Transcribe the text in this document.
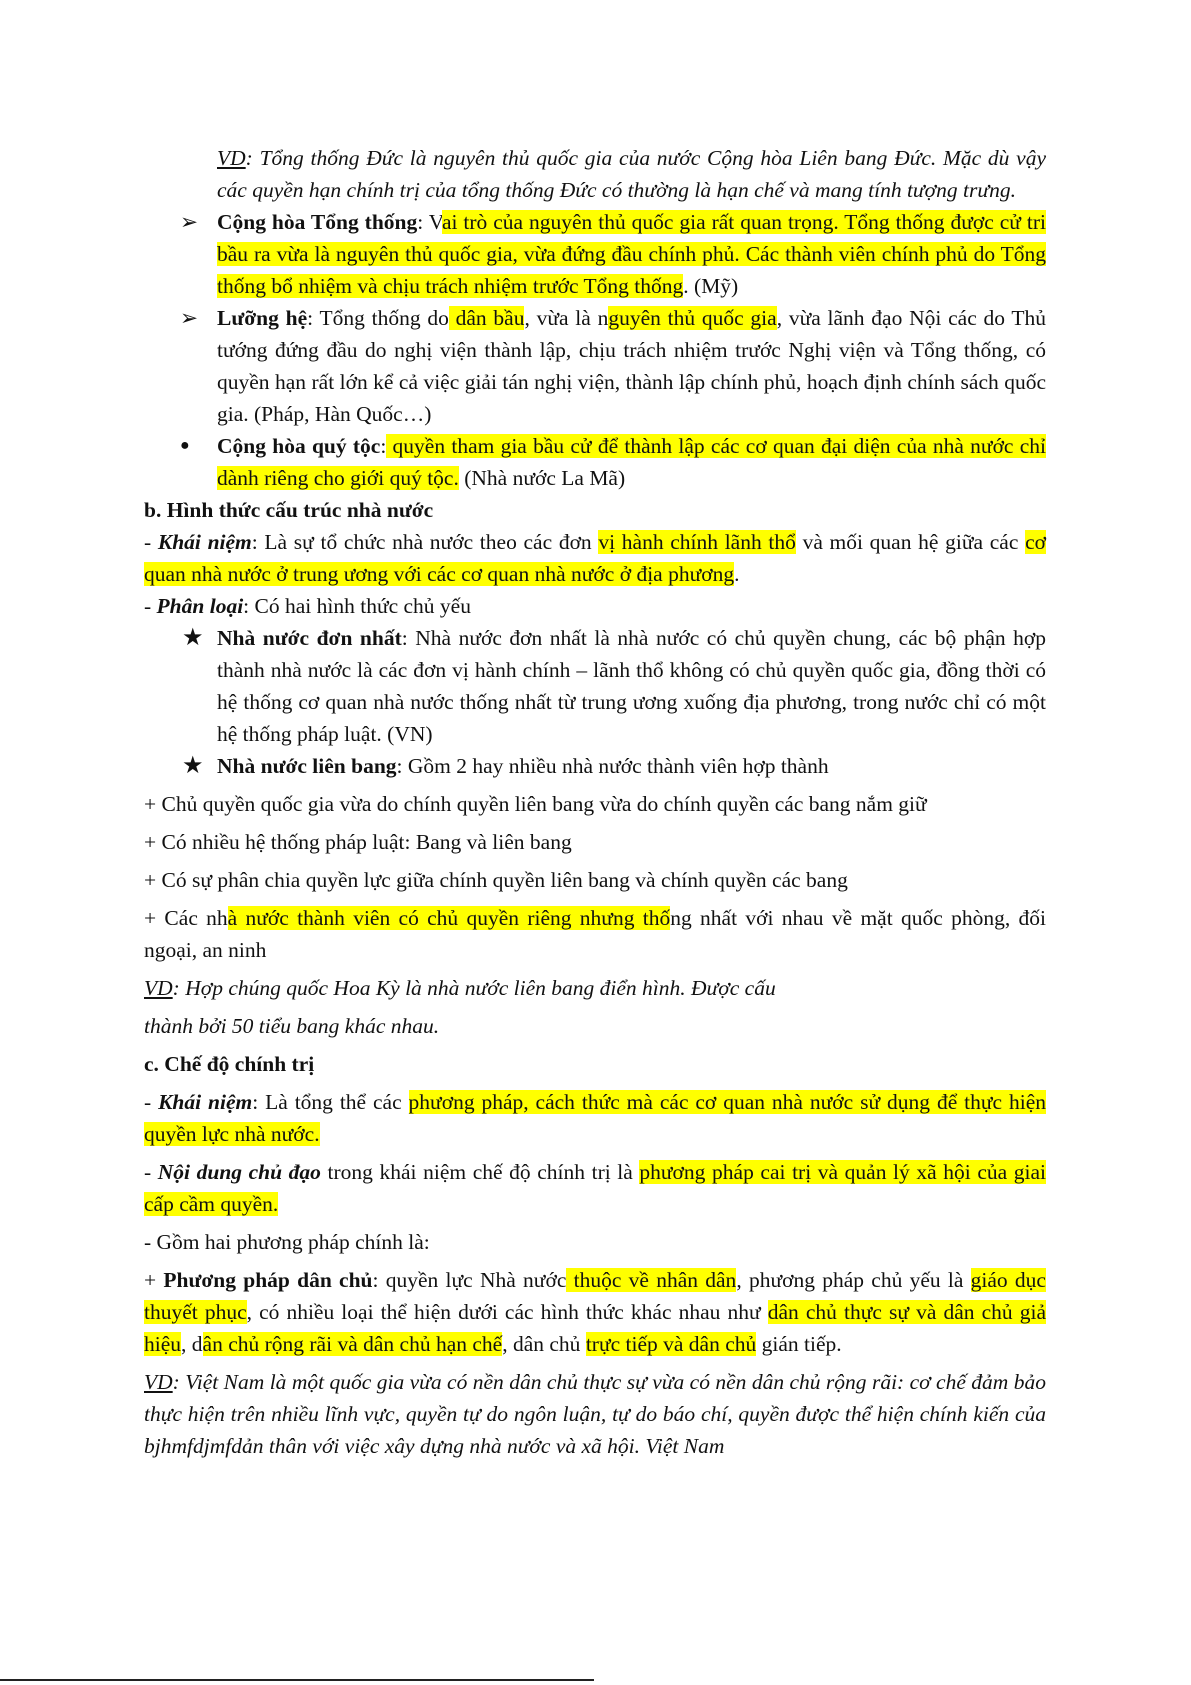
VD: Tổng thống Đức là nguyên thủ quốc gia của nước Cộng hòa Liên bang Đức. Mặc dù vậy các quyền hạn chính trị của tổng thống Đức có thường là hạn chế và mang tính tượng trưng.

➢ Cộng hòa Tổng thống: Vai trò của nguyên thủ quốc gia rất quan trọng. Tổng thống được cử tri bầu ra vừa là nguyên thủ quốc gia, vừa đứng đầu chính phủ. Các thành viên chính phủ do Tổng thống bổ nhiệm và chịu trách nhiệm trước Tổng thống. (Mỹ)

➢ Lưỡng hệ: Tổng thống do dân bầu, vừa là nguyên thủ quốc gia, vừa lãnh đạo Nội các do Thủ tướng đứng đầu do nghị viện thành lập, chịu trách nhiệm trước Nghị viện và Tổng thống, có quyền hạn rất lớn kể cả việc giải tán nghị viện, thành lập chính phủ, hoạch định chính sách quốc gia. (Pháp, Hàn Quốc…)

●	Cộng hòa quý tộc: quyền tham gia bầu cử để thành lập các cơ quan đại diện của nhà nước chỉ dành riêng cho giới quý tộc. (Nhà nước La Mã)

b. Hình thức cấu trúc nhà nước

- Khái niệm: Là sự tổ chức nhà nước theo các đơn vị hành chính lãnh thổ và mối quan hệ giữa các cơ quan nhà nước ở trung ương với các cơ quan nhà nước ở địa phương.

- Phân loại: Có hai hình thức chủ yếu

★ Nhà nước đơn nhất: Nhà nước đơn nhất là nhà nước có chủ quyền chung, các bộ phận hợp thành nhà nước là các đơn vị hành chính – lãnh thổ không có chủ quyền quốc gia, đồng thời có hệ thống cơ quan nhà nước thống nhất từ trung ương xuống địa phương, trong nước chỉ có một hệ thống pháp luật. (VN)

★ Nhà nước liên bang: Gồm 2 hay nhiều nhà nước thành viên hợp thành

+ Chủ quyền quốc gia vừa do chính quyền liên bang vừa do chính quyền các bang nắm giữ

+ Có nhiều hệ thống pháp luật: Bang và liên bang

+ Có sự phân chia quyền lực giữa chính quyền liên bang và chính quyền các bang

+ Các nhà nước thành viên có chủ quyền riêng nhưng thống nhất với nhau về mặt quốc phòng, đối ngoại, an ninh

VD: Hợp chúng quốc Hoa Kỳ là nhà nước liên bang điển hình. Được cấu

thành bởi 50 tiểu bang khác nhau.

c. Chế độ chính trị

- Khái niệm: Là tổng thể các phương pháp, cách thức mà các cơ quan nhà nước sử dụng để thực hiện quyền lực nhà nước.

- Nội dung chủ đạo trong khái niệm chế độ chính trị là phương pháp cai trị và quản lý xã hội của giai cấp cầm quyền.

- Gồm hai phương pháp chính là:

+ Phương pháp dân chủ: quyền lực Nhà nước thuộc về nhân dân, phương pháp chủ yếu là giáo dục thuyết phục, có nhiều loại thể hiện dưới các hình thức khác nhau như dân chủ thực sự và dân chủ giả hiệu, dân chủ rộng rãi và dân chủ hạn chế, dân chủ trực tiếp và dân chủ gián tiếp.

VD: Việt Nam là một quốc gia vừa có nền dân chủ thực sự vừa có nền dân chủ rộng rãi: cơ chế đảm bảo thực hiện trên nhiều lĩnh vực, quyền tự do ngôn luận, tự do báo chí, quyền được thể hiện chính kiến của bjhmfdjmfdản thân với việc xây dựng nhà nước và xã hội. Việt Nam
